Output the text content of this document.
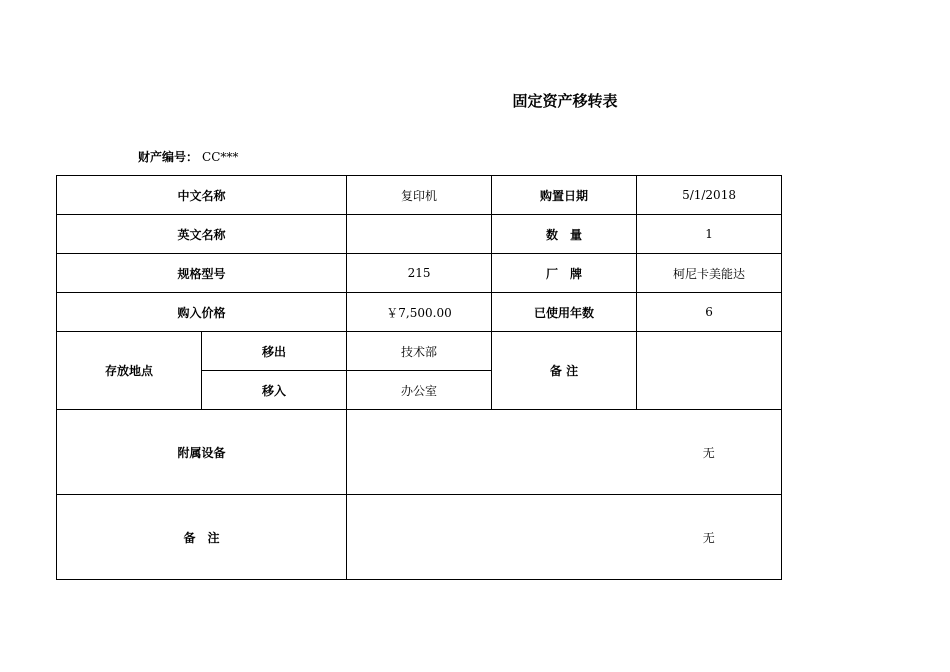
固定资产移转表
财产编号： CC***
中文名称		复印机	购置日期	5/1/2018
英文名称			数　量	1
规格型号		215	厂　牌	柯尼卡美能达
购入价格		￥7,500.00	已使用年数	6
存放地点	移出	技术部	备 注	
	移入	办公室		
附属设备				无
备　注				无
